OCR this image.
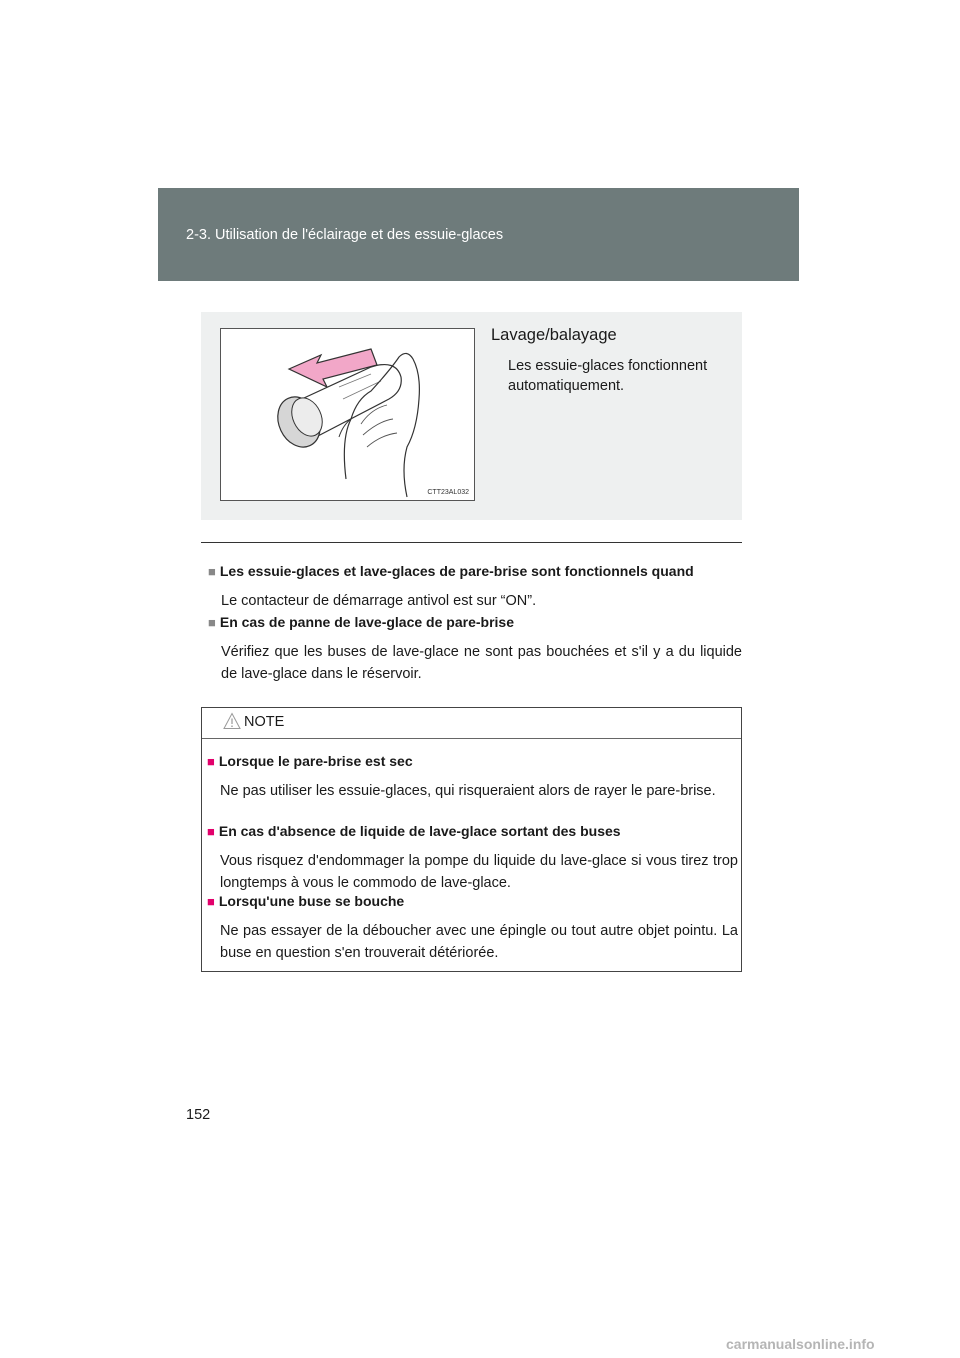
2-3. Utilisation de l'éclairage et des essuie-glaces
CTT23AL032
Lavage/balayage
Les essuie-glaces fonctionnent automatiquement.
■ Les essuie-glaces et lave-glaces de pare-brise sont fonctionnels quand
Le contacteur de démarrage antivol est sur “ON”.
■ En cas de panne de lave-glace de pare-brise
Vérifiez que les buses de lave-glace ne sont pas bouchées et s'il y a du liquide de lave-glace dans le réservoir.
NOTE
■ Lorsque le pare-brise est sec
Ne pas utiliser les essuie-glaces, qui risqueraient alors de rayer le pare-brise.
■ En cas d'absence de liquide de lave-glace sortant des buses
Vous risquez d'endommager la pompe du liquide du lave-glace si vous tirez trop longtemps à vous le commodo de lave-glace.
■ Lorsqu'une buse se bouche
Ne pas essayer de la déboucher avec une épingle ou tout autre objet pointu. La buse en question s'en trouverait détériorée.
152
carmanualsonline.info
